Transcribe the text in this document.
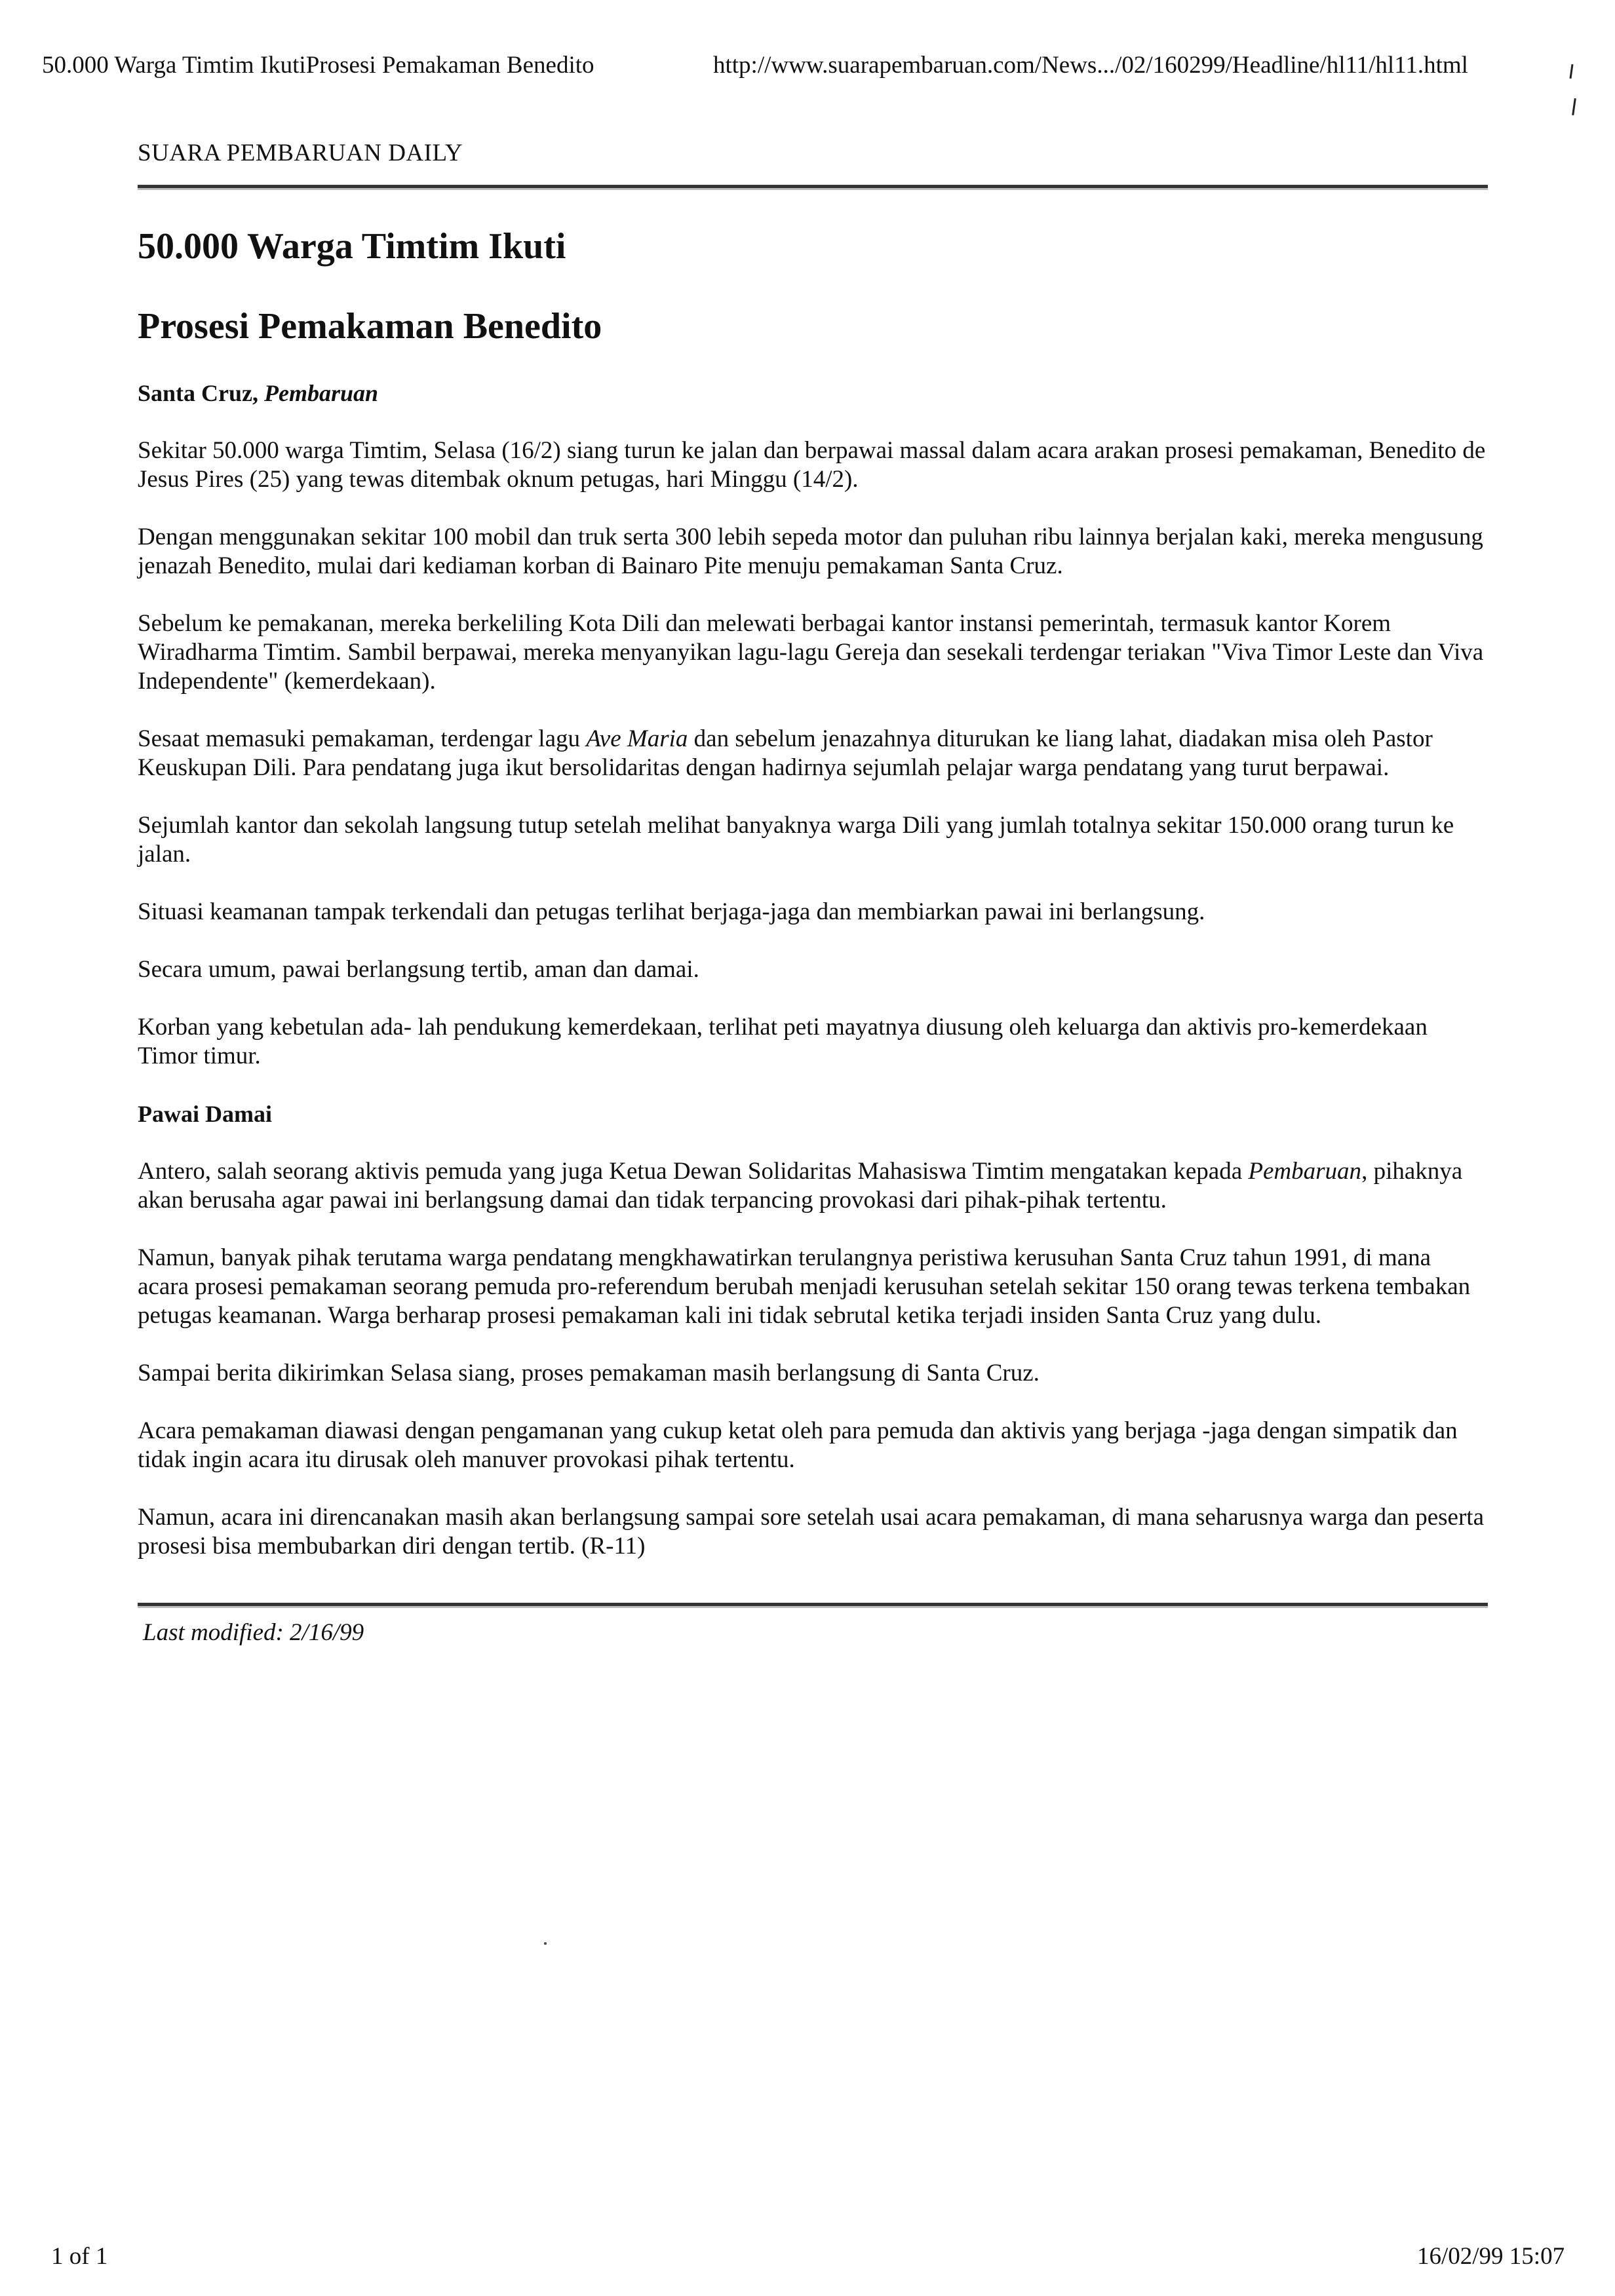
50.000 Warga Timtim IkutiProsesi Pemakaman Benedito	http://www.suarapembaruan.com/News.../02/160299/Headline/hl11/hl11.html
SUARA PEMBARUAN DAILY
50.000 Warga Timtim Ikuti
Prosesi Pemakaman Benedito
Santa Cruz, Pembaruan

Sekitar 50.000 warga Timtim, Selasa (16/2) siang turun ke jalan dan berpawai massal dalam acara arakan prosesi pemakaman, Benedito de Jesus Pires (25) yang tewas ditembak oknum petugas, hari Minggu (14/2).

Dengan menggunakan sekitar 100 mobil dan truk serta 300 lebih sepeda motor dan puluhan ribu lainnya berjalan kaki, mereka mengusung jenazah Benedito, mulai dari kediaman korban di Bainaro Pite menuju pemakaman Santa Cruz.

Sebelum ke pemakanan, mereka berkeliling Kota Dili dan melewati berbagai kantor instansi pemerintah, termasuk kantor Korem Wiradharma Timtim. Sambil berpawai, mereka menyanyikan lagu-lagu Gereja dan sesekali terdengar teriakan "Viva Timor Leste dan Viva Independente" (kemerdekaan).

Sesaat memasuki pemakaman, terdengar lagu Ave Maria dan sebelum jenazahnya diturukan ke liang lahat, diadakan misa oleh Pastor Keuskupan Dili. Para pendatang juga ikut bersolidaritas dengan hadirnya sejumlah pelajar warga pendatang yang turut berpawai.

Sejumlah kantor dan sekolah langsung tutup setelah melihat banyaknya warga Dili yang jumlah totalnya sekitar 150.000 orang turun ke jalan.

Situasi keamanan tampak terkendali dan petugas terlihat berjaga-jaga dan membiarkan pawai ini berlangsung.

Secara umum, pawai berlangsung tertib, aman dan damai.

Korban yang kebetulan ada- lah pendukung kemerdekaan, terlihat peti mayatnya diusung oleh keluarga dan aktivis pro-kemerdekaan Timor timur.

Pawai Damai

Antero, salah seorang aktivis pemuda yang juga Ketua Dewan Solidaritas Mahasiswa Timtim mengatakan kepada Pembaruan, pihaknya akan berusaha agar pawai ini berlangsung damai dan tidak terpancing provokasi dari pihak-pihak tertentu.

Namun, banyak pihak terutama warga pendatang mengkhawatirkan terulangnya peristiwa kerusuhan Santa Cruz tahun 1991, di mana acara prosesi pemakaman seorang pemuda pro-referendum berubah menjadi kerusuhan setelah sekitar 150 orang tewas terkena tembakan petugas keamanan. Warga berharap prosesi pemakaman kali ini tidak sebrutal ketika terjadi insiden Santa Cruz yang dulu.

Sampai berita dikirimkan Selasa siang, proses pemakaman masih berlangsung di Santa Cruz.

Acara pemakaman diawasi dengan pengamanan yang cukup ketat oleh para pemuda dan aktivis yang berjaga -jaga dengan simpatik dan tidak ingin acara itu dirusak oleh manuver provokasi pihak tertentu.

Namun, acara ini direncanakan masih akan berlangsung sampai sore setelah usai acara pemakaman, di mana seharusnya warga dan peserta prosesi bisa membubarkan diri dengan tertib. (R-11)

Last modified: 2/16/99
1 of 1	16/02/99 15:07
